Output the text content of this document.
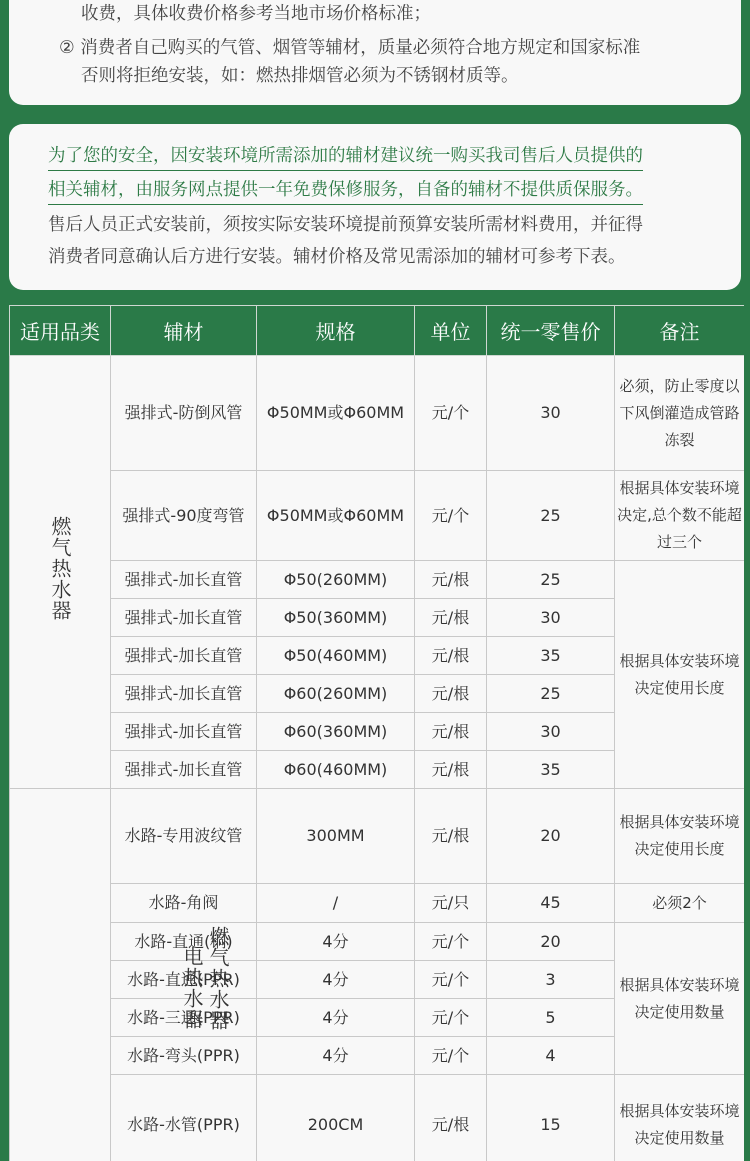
收费，具体收费价格参考当地市场价格标准；
② 消费者自己购买的气管、烟管等辅材，质量必须符合地方规定和国家标准
否则将拒绝安装，如：燃热排烟管必须为不锈钢材质等。
为了您的安全，因安装环境所需添加的辅材建议统一购买我司售后人员提供的
相关辅材，由服务网点提供一年免费保修服务，自备的辅材不提供质保服务。
售后人员正式安装前，须按实际安装环境提前预算安装所需材料费用，并征得
消费者同意确认后方进行安装。辅材价格及常见需添加的辅材可参考下表。
适用品类	辅材	规格	单位	统一零售价	备注
燃气热水器	强排式-防倒风管	Φ50MM或Φ60MM	元/个	30	必须，防止零度以下风倒灌造成管路冻裂
	强排式-90度弯管	Φ50MM或Φ60MM	元/个	25	根据具体安装环境决定,总个数不能超过三个
	强排式-加长直管	Φ50(260MM)	元/根	25	根据具体安装环境决定使用长度
	强排式-加长直管	Φ50(360MM)	元/根	30	
	强排式-加长直管	Φ50(460MM)	元/根	35	
	强排式-加长直管	Φ60(260MM)	元/根	25	
	强排式-加长直管	Φ60(360MM)	元/根	30	
	强排式-加长直管	Φ60(460MM)	元/根	35	

燃气热水器
电热水器	水路-专用波纹管	300MM	元/根	20	根据具体安装环境决定使用长度
	水路-角阀	/	元/只	45	必须2个
	水路-直通(铜)	4分	元/个	20	根据具体安装环境决定使用数量
	水路-直通(PPR)	4分	元/个	3	
	水路-三通(PPR)	4分	元/个	5	
	水路-弯头(PPR)	4分	元/个	4	
	水路-水管(PPR)	200CM	元/根	15	根据具体安装环境决定使用数量
